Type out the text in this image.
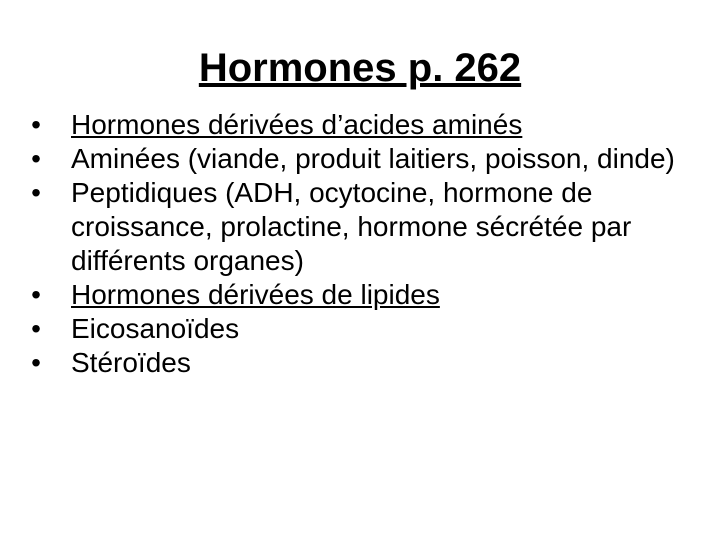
Hormones p. 262
• Hormones dérivées d’acides aminés
• Aminées (viande, produit laitiers, poisson, dinde)
• Peptidiques (ADH, ocytocine, hormone de croissance, prolactine, hormone sécrétée par différents organes)
• Hormones dérivées de lipides
• Eicosanoïdes
• Stéroïdes
